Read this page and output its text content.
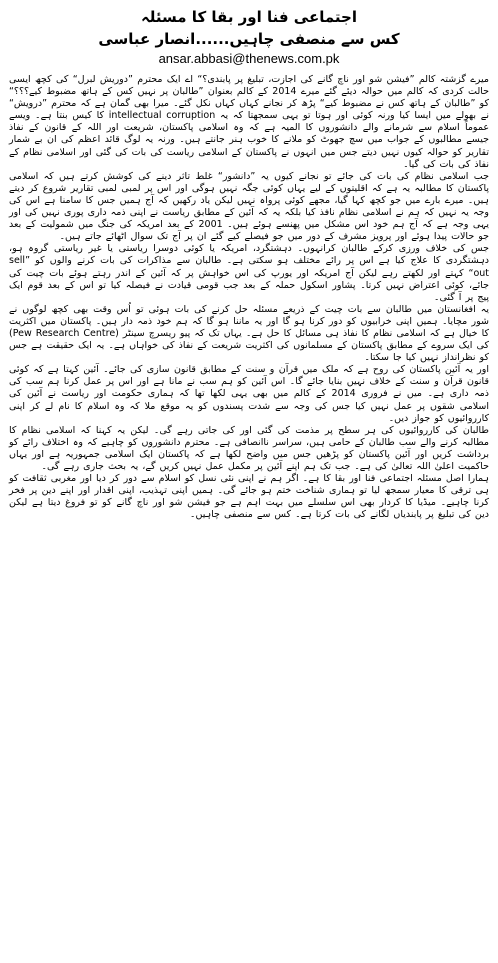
اجتماعی فنا اور بقا کا مسئلہ
کس سے منصفی چاہیں......انصار عباسی
ansar.abbasi@thenews.com.pk

میرے گزشتہ کالم ”فیشن شو اور ناچ گانے کی اجازت، تبلیغ پر پابندی؟“ اے ایک محترم ”دوریش لبرل“ کی کچھ ایسی حالت کردی کہ کالم میں حوالہ دیئے گئے میرے 2014 کے کالم بعنوان ”طالبان پر نہیں کس کے ہاتھ مضبوط کیے؟؟؟“ کو ”طالبان کے ہاتھ کس نے مضبوط کیے“ پڑھ کر نجانے کہاں کہاں نکل گئے۔ میرا بھی گمان ہے کہ محترم ”درویش“ نے بھولے میں ایسا کیا ورنہ کوئی اور ہوتا تو یہی سمجھتا کہ یہ intellectual corruption کا کیس بنتا ہے۔ ویسے عموماً اسلام سے شرمانے والے دانشوروں کا المیہ ہے کہ وہ اسلامی پاکستان، شریعت اور اللہ کے قانون کے نفاذ جیسے مطالبوں کے جواب میں سچ جھوٹ کو ملانے کا خوب ہنر جانتے ہیں۔ ورنہ یہ لوگ قائد اعظم کی ان بے شمار تقاریر کو حوالہ کیوں نہیں دیتے جس میں انہوں نے پاکستان کے اسلامی ریاست کی بات کی گئی اور اسلامی نظام کے نفاذ کی بات کی گیا۔

جب اسلامی نظام کی بات کی جائے تو نجانے کیوں یہ ”دانشور“ غلط تاثر دینے کی کوشش کرتے ہیں کہ اسلامی پاکستان کا مطالبہ یہ ہے کہ اقلیتوں کے لیے یہاں کوئی جگہ نہیں ہوگی اور اس پر لمبی لمبی تقاریر شروع کر دیتے ہیں۔ میرے بارے میں جو کچھ کہا گیا، مجھے کوئی پرواہ نہیں لیکن یاد رکھیں کہ آج ہمیں جس کا سامنا ہے اس کی وجہ یہ نہیں کہ ہم نے اسلامی نظام نافذ کیا بلکہ یہ کہ آئین کے مطابق ریاست نے اپنی ذمہ داری پوری نہیں کی اور یہی وجہ ہے کہ آج ہم خود اس مشکل میں پھنسے ہوئے ہیں۔ 2001 کے بعد امریکہ کی جنگ میں شمولیت کے بعد جو حالات پیدا ہوئے اور پرویز مشرف کے دور میں جو فیصلے کیے گئے ان پر آج تک سوال اٹھائے جاتے ہیں۔

جس کی خلاف ورزی کرکے طالبان کرانہوں۔ دہشتگرد، امریکہ یا کوئی دوسرا ریاستی یا غیر ریاستی گروہ ہو، دہشتگردی کا علاج کیا ہے اس پر رائے مختلف ہو سکتی ہے۔ طالبان سے مذاکرات کی بات کرنے والوں کو ”sell out“ کہتے اور لکھتے رہے لیکن آج امریکہ اور یورپ کی اس خواہش پر کہ آئین کے اندر رہتے ہوئے بات چیت کی جائے، کوئی اعتراض نہیں کرتا۔ پشاور اسکول حملہ کے بعد جب قومی قیادت نے فیصلہ کیا تو اس کے بعد قوم ایک پیج پر آ گئی۔

یہ افغانستان میں طالبان سے بات چیت کے ذریعے مسئلہ حل کرنے کی بات ہوئی تو اُس وقت بھی کچھ لوگوں نے شور مچایا۔ ہمیں اپنی خرابیوں کو دور کرنا ہو گا اور یہ ماننا ہو گا کہ ہم خود ذمہ دار ہیں۔ پاکستان میں اکثریت کا خیال ہے کہ اسلامی نظام کا نفاذ ہی مسائل کا حل ہے۔ یہاں تک کہ پیو ریسرچ سینٹر (Pew Research Centre) کی ایک سروے کے مطابق پاکستان کے مسلمانوں کی اکثریت شریعت کے نفاذ کی خواہاں ہے۔ یہ ایک حقیقت ہے جس کو نظرانداز نہیں کیا جا سکتا۔

اور یہ آئین پاکستان کی روح ہے کہ ملک میں قرآن و سنت کے مطابق قانون سازی کی جائے۔ آئین کہتا ہے کہ کوئی قانون قرآن و سنت کے خلاف نہیں بنایا جائے گا۔ اس آئین کو ہم سب نے مانا ہے اور اس پر عمل کرنا ہم سب کی ذمہ داری ہے۔ میں نے فروری 2014 کے کالم میں بھی یہی لکھا تھا کہ ہماری حکومت اور ریاست نے آئین کی اسلامی شقوں پر عمل نہیں کیا جس کی وجہ سے شدت پسندوں کو یہ موقع ملا کہ وہ اسلام کا نام لے کر اپنی کارروائیوں کو جواز دیں۔

طالبان کی کارروائیوں کی ہر سطح پر مذمت کی گئی اور کی جاتی رہے گی۔ لیکن یہ کہنا کہ اسلامی نظام کا مطالبہ کرنے والے سب طالبان کے حامی ہیں، سراسر ناانصافی ہے۔ محترم دانشوروں کو چاہیے کہ وہ اختلاف رائے کو برداشت کریں اور آئین پاکستان کو پڑھیں جس میں واضح لکھا ہے کہ پاکستان ایک اسلامی جمہوریہ ہے اور یہاں حاکمیت اعلیٰ اللہ تعالیٰ کی ہے۔ جب تک ہم اپنے آئین پر مکمل عمل نہیں کریں گے، یہ بحث جاری رہے گی۔

ہمارا اصل مسئلہ اجتماعی فنا اور بقا کا ہے۔ اگر ہم نے اپنی نئی نسل کو اسلام سے دور کر دیا اور مغربی ثقافت کو ہی ترقی کا معیار سمجھ لیا تو ہماری شناخت ختم ہو جائے گی۔ ہمیں اپنی تہذیب، اپنی اقدار اور اپنے دین پر فخر کرنا چاہیے۔ میڈیا کا کردار بھی اس سلسلے میں بہت اہم ہے جو فیشن شو اور ناچ گانے کو تو فروغ دیتا ہے لیکن دین کی تبلیغ پر پابندیاں لگانے کی بات کرتا ہے۔ کس سے منصفی چاہیں۔
